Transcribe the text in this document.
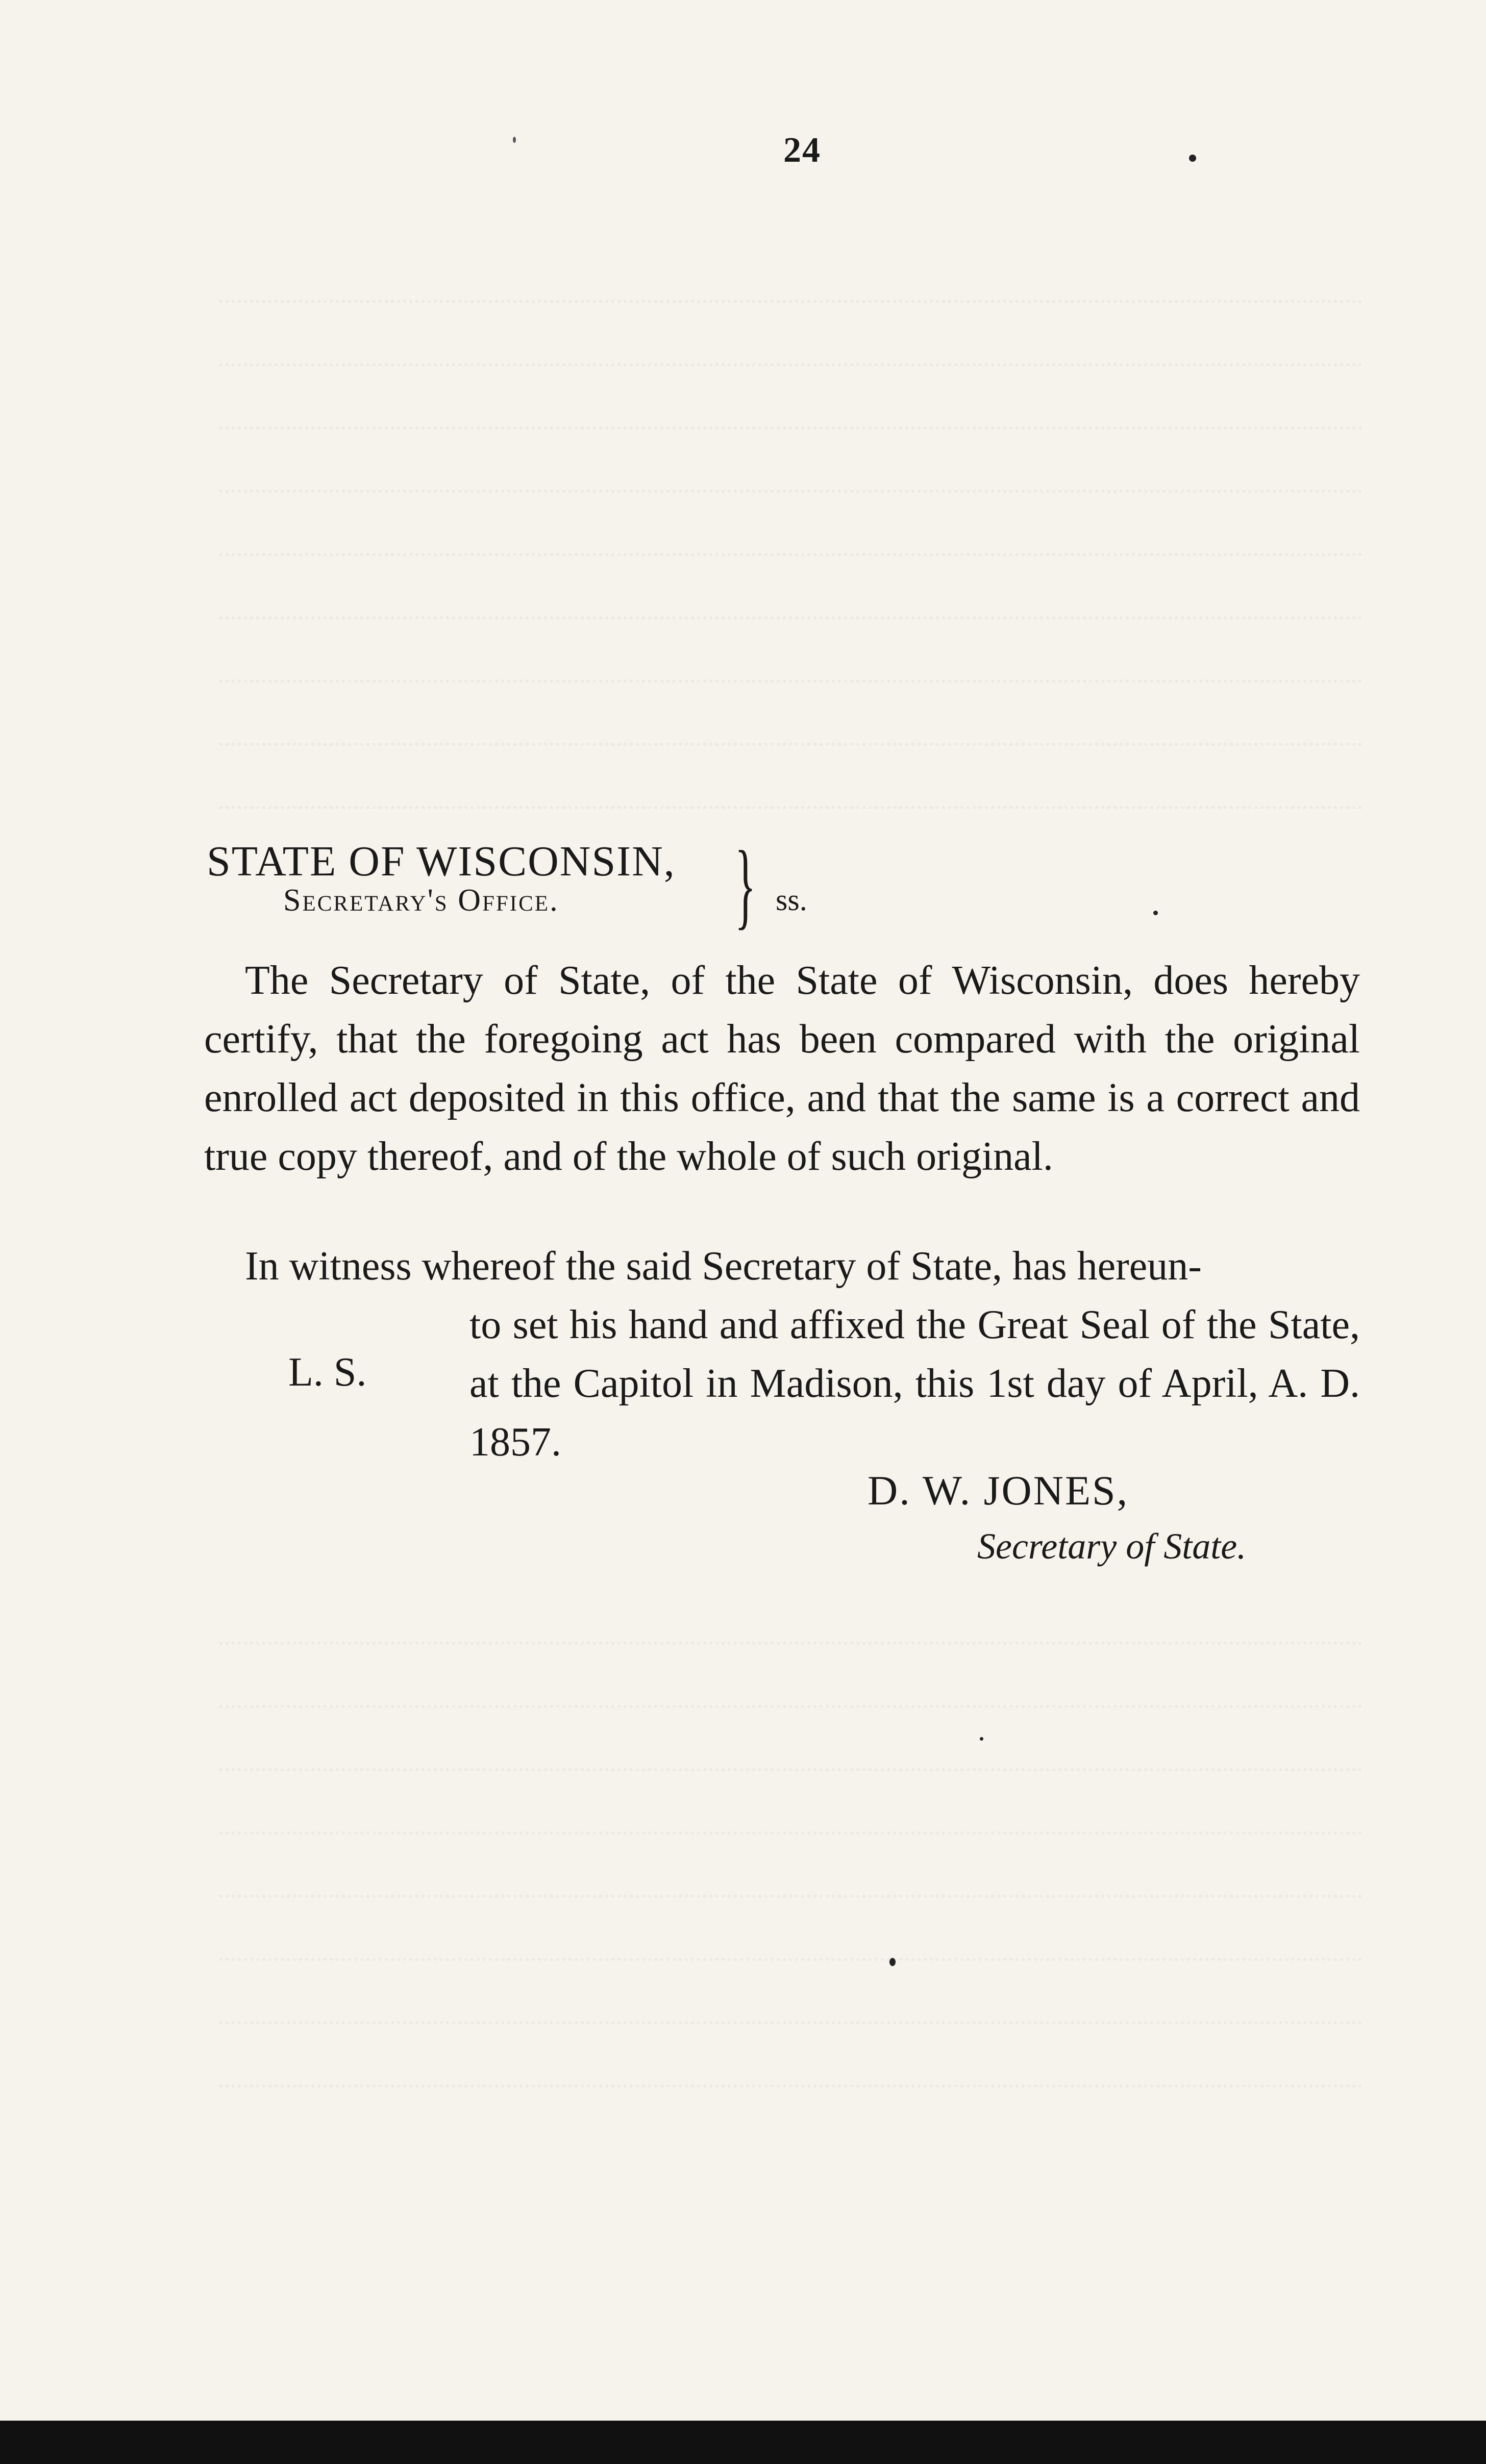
24
STATE OF WISCONSIN,
Secretary's Office. } ss.
The Secretary of State, of the State of Wisconsin, does hereby certify, that the foregoing act has been compared with the original enrolled act deposited in this office, and that the same is a correct and true copy thereof, and of the whole of such original.
In witness whereof the said Secretary of State, has hereun-
L. S.
to set his hand and affixed the Great Seal of the State, at the Capitol in Madison, this 1st day of April, A. D. 1857.
D. W. JONES,
Secretary of State.
